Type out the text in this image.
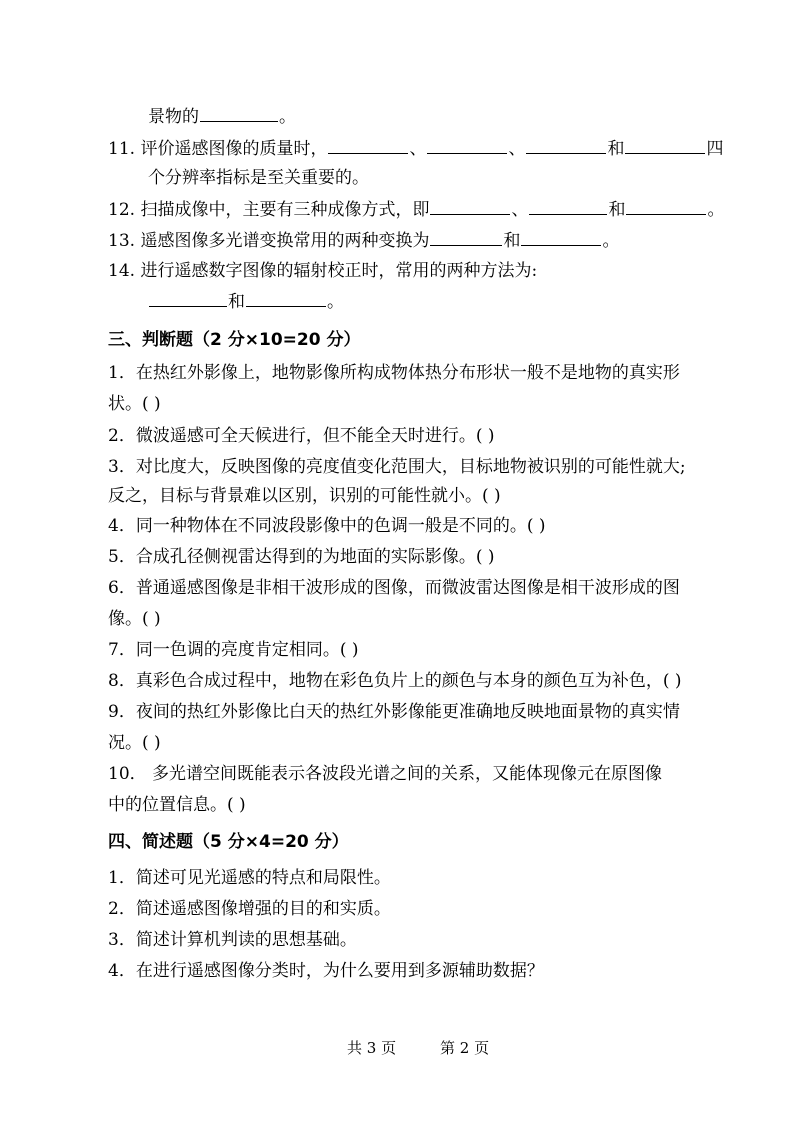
景物的	。
11. 评价遥感图像的质量时，	、	、	和	四
个分辨率指标是至关重要的。
12. 扫描成像中，主要有三种成像方式，即	、	和	。
13. 遥感图像多光谱变换常用的两种变换为	和	。
14. 进行遥感数字图像的辐射校正时，常用的两种方法为:
和	。
三、判断题（2 分×10=20 分）
1．在热红外影像上，地物影像所构成物体热分布形状一般不是地物的真实形
状。( )
2．微波遥感可全天候进行，但不能全天时进行。( )
3．对比度大，反映图像的亮度值变化范围大，目标地物被识别的可能性就大;
反之，目标与背景难以区别，识别的可能性就小。( )
4．同一种物体在不同波段影像中的色调一般是不同的。( )
5．合成孔径侧视雷达得到的为地面的实际影像。( )
6．普通遥感图像是非相干波形成的图像，而微波雷达图像是相干波形成的图
像。( )
7．同一色调的亮度肯定相同。( )
8．真彩色合成过程中，地物在彩色负片上的颜色与本身的颜色互为补色，( )
9．夜间的热红外影像比白天的热红外影像能更准确地反映地面景物的真实情
况。( )
10． 多光谱空间既能表示各波段光谱之间的关系，又能体现像元在原图像
中的位置信息。( )
四、简述题（5 分×4=20 分）
1．简述可见光遥感的特点和局限性。
2．简述遥感图像增强的目的和实质。
3．简述计算机判读的思想基础。
4．在进行遥感图像分类时，为什么要用到多源辅助数据？
共 3 页	第 2 页
